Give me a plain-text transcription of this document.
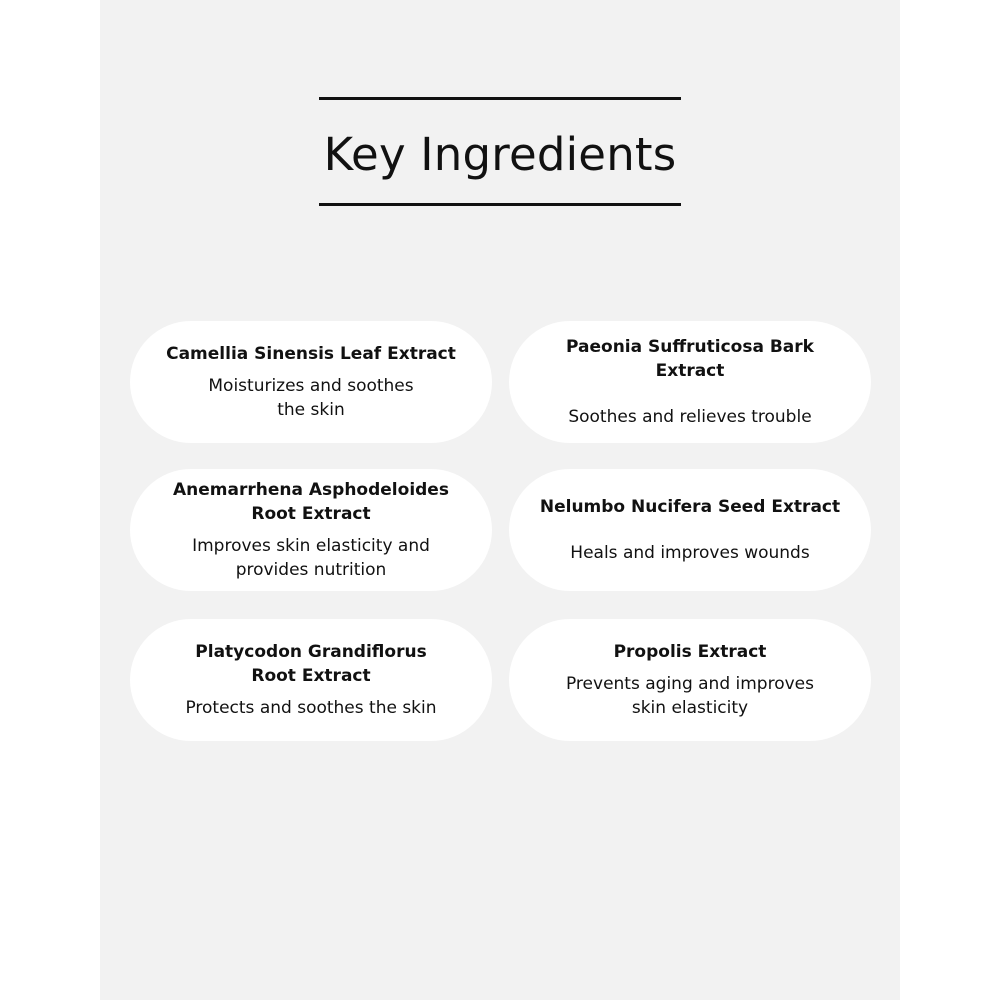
Key Ingredients
Camellia Sinensis Leaf Extract
Moisturizes and soothes
the skin
Paeonia Suffruticosa Bark Extract
Soothes and relieves trouble
Anemarrhena Asphodeloides
Root Extract
Improves skin elasticity and
provides nutrition
Nelumbo Nucifera Seed Extract
Heals and improves wounds
Platycodon Grandiflorus
Root Extract
Protects and soothes the skin
Propolis Extract
Prevents aging and improves
skin elasticity
